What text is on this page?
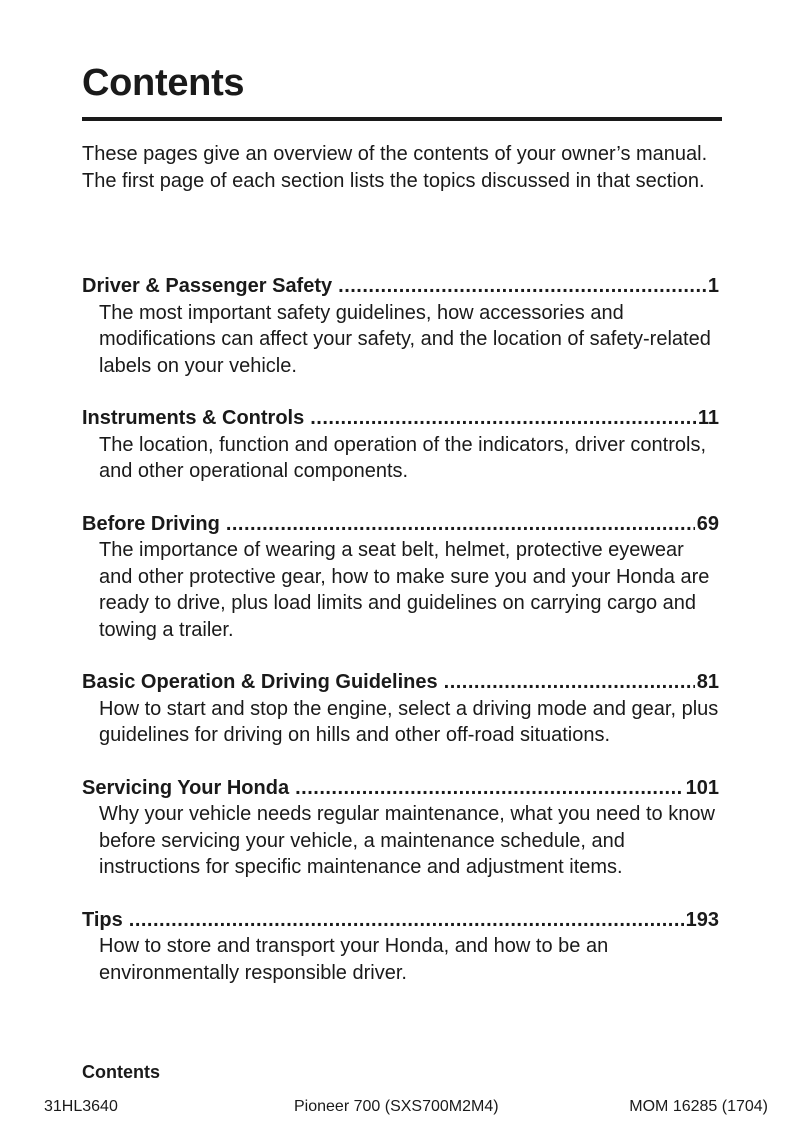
Contents

These pages give an overview of the contents of your owner’s manual.

The first page of each section lists the topics discussed in that section.

Driver & Passenger Safety .....	1

The most important safety guidelines, how accessories and modifications can affect your safety, and the location of safety-related labels on your vehicle.

Instruments & Controls .....	11

The location, function and operation of the indicators, driver controls, and other operational components.

Before Driving .....	69

The importance of wearing a seat belt, helmet, protective eyewear and other protective gear, how to make sure you and your Honda are ready to drive, plus load limits and guidelines on carrying cargo and towing a trailer.

Basic Operation & Driving Guidelines .....	81

How to start and stop the engine, select a driving mode and gear, plus guidelines for driving on hills and other off-road situations.

Servicing Your Honda .....	101

Why your vehicle needs regular maintenance, what you need to know before servicing your vehicle, a maintenance schedule, and instructions for specific maintenance and adjustment items.

Tips .....	193

How to store and transport your Honda, and how to be an environmentally responsible driver.

Contents
31HL3640	Pioneer 700 (SXS700M2M4)	MOM 16285 (1704)
